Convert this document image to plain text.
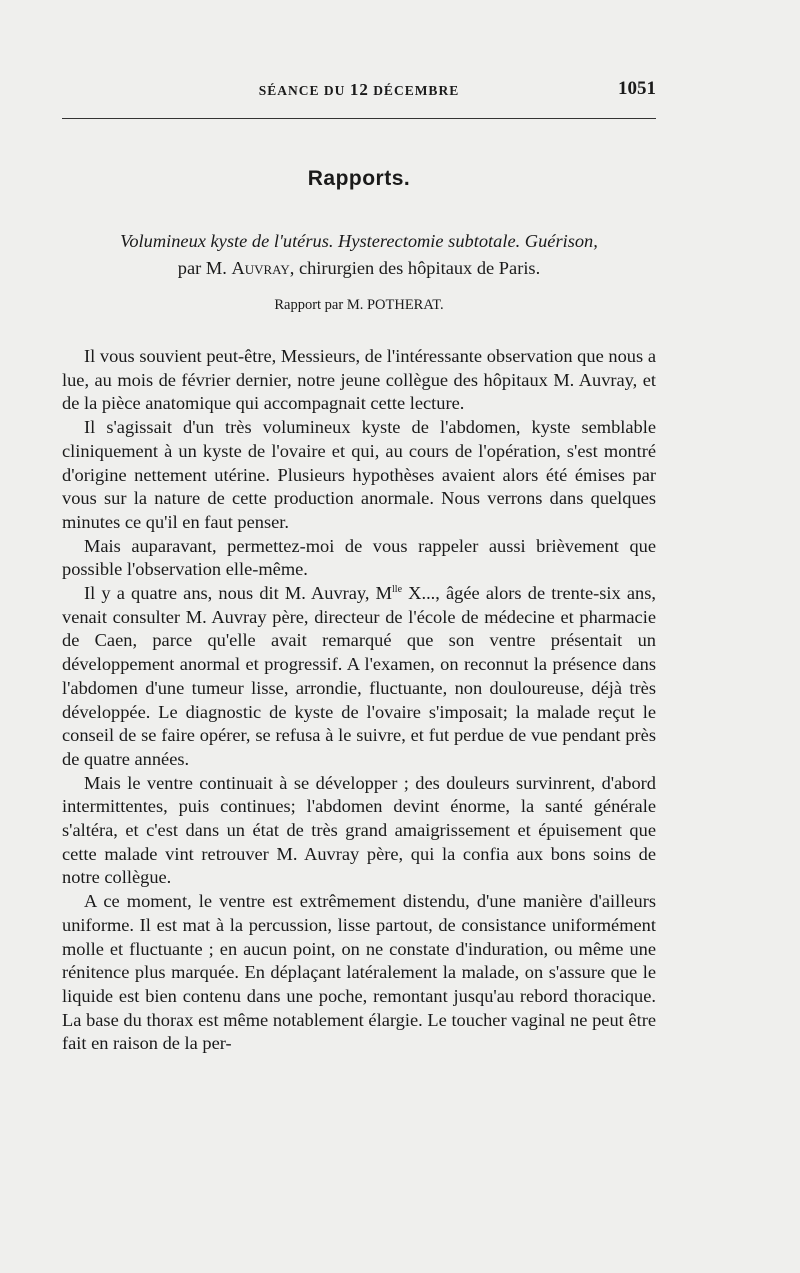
SÉANCE DU 12 DÉCEMBRE	1051
Rapports.
Volumineux kyste de l'utérus. Hysterectomie subtotale. Guérison,
par M. Auvray, chirurgien des hôpitaux de Paris.
Rapport par M. POTHERAT.

Il vous souvient peut-être, Messieurs, de l'intéressante observation que nous a lue, au mois de février dernier, notre jeune collègue des hôpitaux M. Auvray, et de la pièce anatomique qui accompagnait cette lecture.

Il s'agissait d'un très volumineux kyste de l'abdomen, kyste semblable cliniquement à un kyste de l'ovaire et qui, au cours de l'opération, s'est montré d'origine nettement utérine. Plusieurs hypothèses avaient alors été émises par vous sur la nature de cette production anormale. Nous verrons dans quelques minutes ce qu'il en faut penser.

Mais auparavant, permettez-moi de vous rappeler aussi brièvement que possible l'observation elle-même.

Il y a quatre ans, nous dit M. Auvray, $M^{lle}$ X..., âgée alors de trente-six ans, venait consulter M. Auvray père, directeur de l'école de médecine et pharmacie de Caen, parce qu'elle avait remarqué que son ventre présentait un développement anormal et progressif. A l'examen, on reconnut la présence dans l'abdomen d'une tumeur lisse, arrondie, fluctuante, non douloureuse, déjà très développée. Le diagnostic de kyste de l'ovaire s'imposait; la malade reçut le conseil de se faire opérer, se refusa à le suivre, et fut perdue de vue pendant près de quatre années.

Mais le ventre continuait à se développer ; des douleurs survinrent, d'abord intermittentes, puis continues; l'abdomen devint énorme, la santé générale s'altéra, et c'est dans un état de très grand amaigrissement et épuisement que cette malade vint retrouver M. Auvray père, qui la confia aux bons soins de notre collègue.

A ce moment, le ventre est extrêmement distendu, d'une manière d'ailleurs uniforme. Il est mat à la percussion, lisse partout, de consistance uniformément molle et fluctuante ; en aucun point, on ne constate d'induration, ou même une rénitence plus marquée. En déplaçant latéralement la malade, on s'assure que le liquide est bien contenu dans une poche, remontant jusqu'au rebord thoracique. La base du thorax est même notablement élargie. Le toucher vaginal ne peut être fait en raison de la per-
